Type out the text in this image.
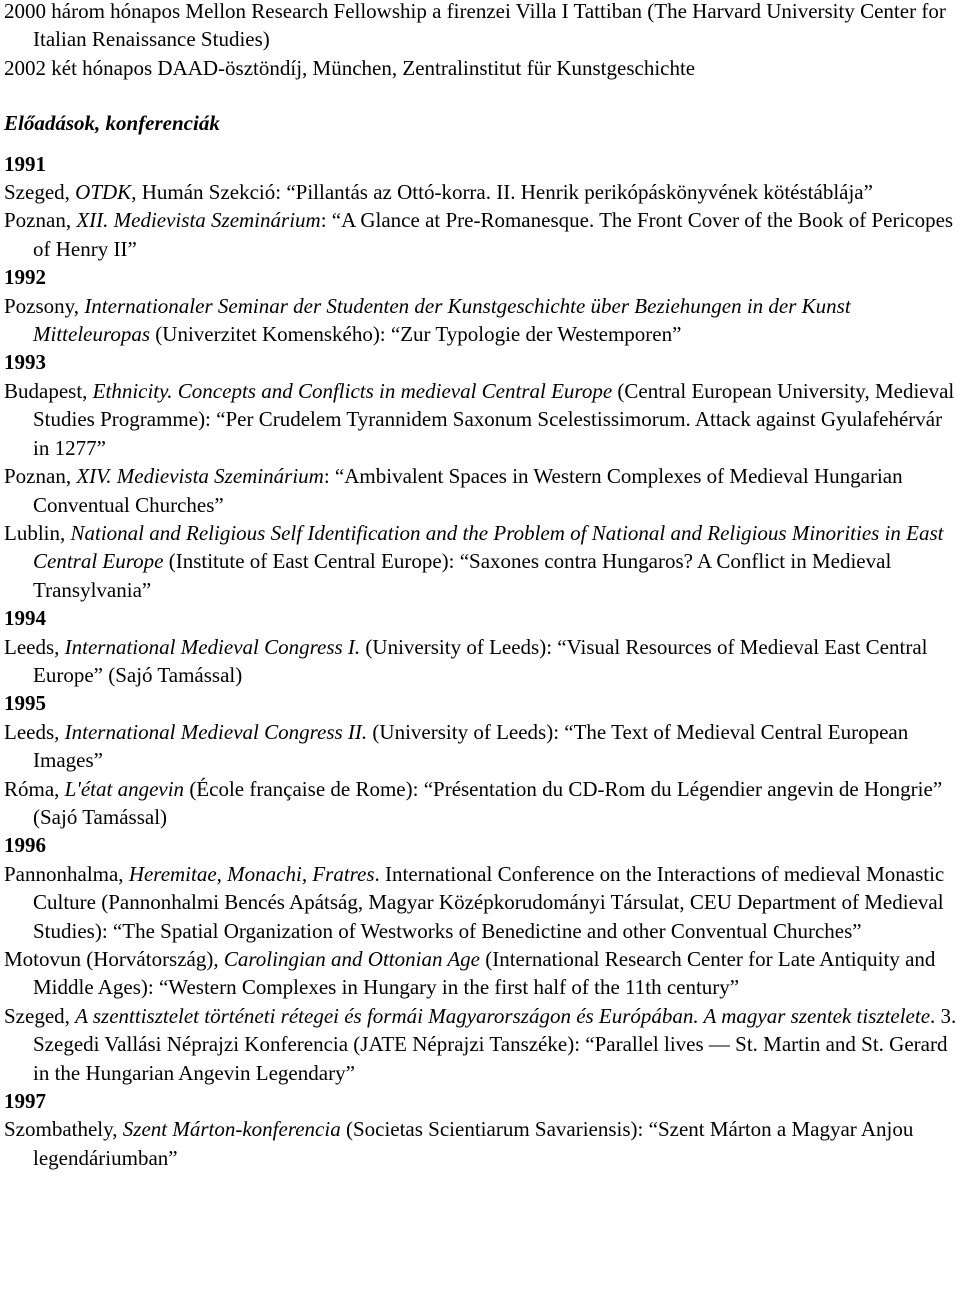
2000 három hónapos Mellon Research Fellowship a firenzei Villa I Tattiban (The Harvard University Center for Italian Renaissance Studies)

2002 két hónapos DAAD-ösztöndíj, München, Zentralinstitut für Kunstgeschichte

Előadások, konferenciák

1991

Szeged, OTDK, Humán Szekció: “Pillantás az Ottó-korra. II. Henrik perikópáskönyvének kötéstáblája”

Poznan, XII. Medievista Szeminárium: “A Glance at Pre-Romanesque. The Front Cover of the Book of Pericopes of Henry II”

1992

Pozsony, Internationaler Seminar der Studenten der Kunstgeschichte über Beziehungen in der Kunst Mitteleuropas (Univerzitet Komenského): “Zur Typologie der Westemporen”

1993

Budapest, Ethnicity. Concepts and Conflicts in medieval Central Europe (Central European University, Medieval Studies Programme): “Per Crudelem Tyrannidem Saxonum Scelestissimorum. Attack against Gyulafehérvár in 1277”

Poznan, XIV. Medievista Szeminárium: “Ambivalent Spaces in Western Complexes of Medieval Hungarian Conventual Churches”

Lublin, National and Religious Self Identification and the Problem of National and Religious Minorities in East Central Europe (Institute of East Central Europe): “Saxones contra Hungaros? A Conflict in Medieval Transylvania”

1994

Leeds, International Medieval Congress I. (University of Leeds): “Visual Resources of Medieval East Central Europe” (Sajó Tamással)

1995

Leeds, International Medieval Congress II. (University of Leeds): “The Text of Medieval Central European Images”

Róma, L'état angevin (École française de Rome): “Présentation du CD-Rom du Légendier angevin de Hongrie” (Sajó Tamással)

1996

Pannonhalma, Heremitae, Monachi, Fratres. International Conference on the Interactions of medieval Monastic Culture (Pannonhalmi Bencés Apátság, Magyar Középkorudományi Társulat, CEU Department of Medieval Studies): “The Spatial Organization of Westworks of Benedictine and other Conventual Churches”

Motovun (Horvátország), Carolingian and Ottonian Age (International Research Center for Late Antiquity and Middle Ages): “Western Complexes in Hungary in the first half of the 11th century”

Szeged, A szenttisztelet történeti rétegei és formái Magyarországon és Európában. A magyar szentek tisztelete. 3. Szegedi Vallási Néprajzi Konferencia (JATE Néprajzi Tanszéke): “Parallel lives — St. Martin and St. Gerard in the Hungarian Angevin Legendary”

1997

Szombathely, Szent Márton-konferencia (Societas Scientiarum Savariensis): “Szent Márton a Magyar Anjou legendáriumban”
